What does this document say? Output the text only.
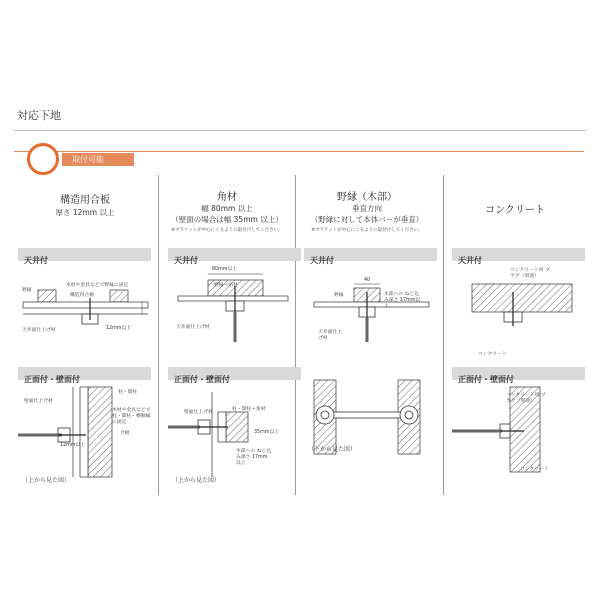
対応下地
取付可能
構造用合板
厚さ 12mm 以上
天井付
野縁
木材や金具などで野縁に固定
構造用合板
天井面仕上げ材	12mm以上
正面付・壁面付
壁面仕上げ材
柱・間柱
木材や金具などで柱・間柱・横胴縁に固定
合板
12mm以上
（上から見た図）
角材
幅 80mm 以上
（壁面の場合は幅 35mm 以上）
※ブラケットが中心にくるように取付けしてください。
天井付
80mm以上
野縁＋角材
天井面仕上げ材
正面付・壁面付
壁面仕上げ材
柱・間柱＋角材
35mm以上
木部への ねじ込み深さ 17mm以上
（上から見た図）
野縁（木部）
垂直方向
（野縁に対して本体バーが垂直）
※ブラケットが中心にくるように取付けしてください。
天井付
40
野縁	木部への ねじ込み深さ 17mm以上
天井面仕上げ材
（下から見た図）
コンクリート
天井付
コンクリート用 プラグ（別途）
コンクリート
正面付・壁面付
コンクリート用 プラグ（別途）
コンクリート
